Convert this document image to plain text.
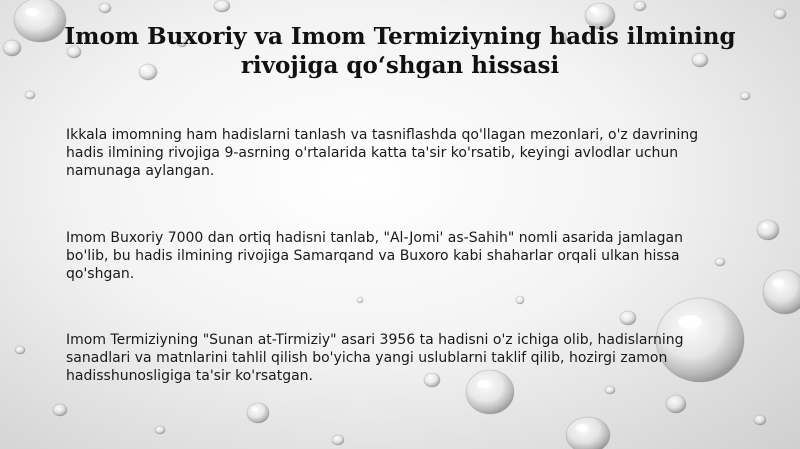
Imom Buxoriy va Imom Termiziyning hadis ilmining
rivojiga qo‘shgan hissasi
Ikkala imomning ham hadislarni tanlash va tasniflashda qo'llagan mezonlari, o'z davrining
hadis ilmining rivojiga 9-asrning o'rtalarida katta ta'sir ko'rsatib, keyingi avlodlar uchun
namunaga aylangan.
Imom Buxoriy 7000 dan ortiq hadisni tanlab, "Al-Jomi' as-Sahih" nomli asarida jamlagan
bo'lib, bu hadis ilmining rivojiga Samarqand va Buxoro kabi shaharlar orqali ulkan hissa
qo'shgan.
Imom Termiziyning "Sunan at-Tirmiziy" asari 3956 ta hadisni o'z ichiga olib, hadislarning
sanadlari va matnlarini tahlil qilish bo'yicha yangi uslublarni taklif qilib, hozirgi zamon
hadisshunosligiga ta'sir ko'rsatgan.
